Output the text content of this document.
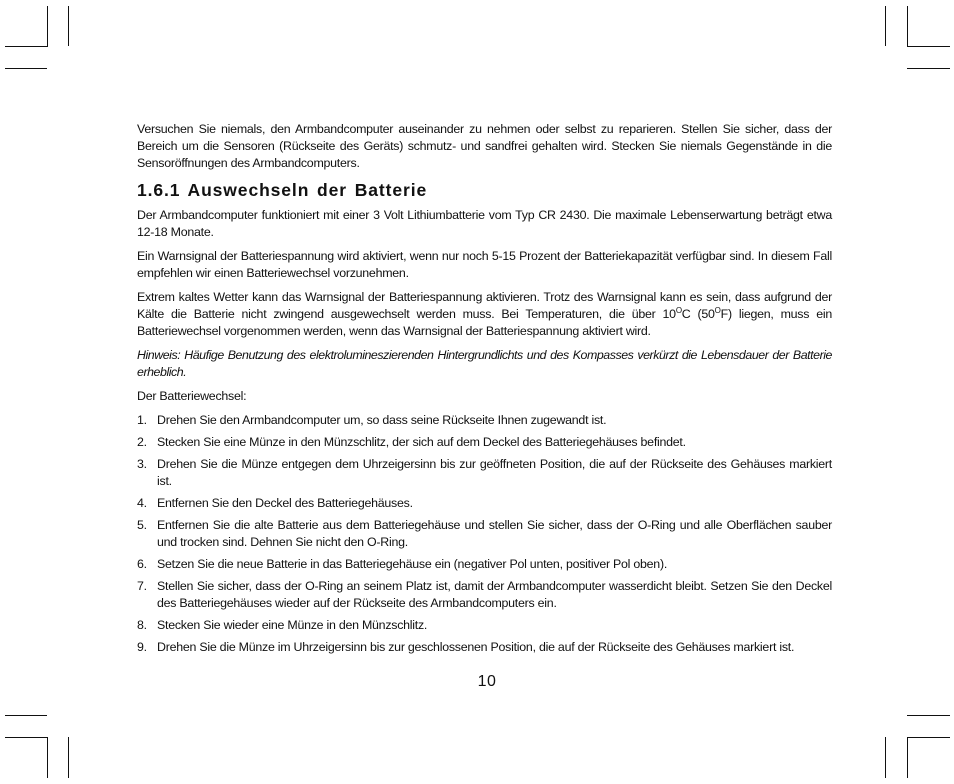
Versuchen Sie niemals, den Armbandcomputer auseinander zu nehmen oder selbst zu reparieren. Stellen Sie sicher, dass der Bereich um die Sensoren (Rückseite des Geräts) schmutz- und sandfrei gehalten wird. Stecken Sie niemals Gegenstände in die Sensoröffnungen des Armbandcomputers.

1.6.1 Auswechseln der Batterie

Der Armbandcomputer funktioniert mit einer 3 Volt Lithiumbatterie vom Typ CR 2430. Die maximale Lebenserwartung beträgt etwa 12-18 Monate.

Ein Warnsignal der Batteriespannung wird aktiviert, wenn nur noch 5-15 Prozent der Batteriekapazität verfügbar sind. In diesem Fall empfehlen wir einen Batteriewechsel vorzunehmen.

Extrem kaltes Wetter kann das Warnsignal der Batteriespannung aktivieren. Trotz des Warnsignal kann es sein, dass aufgrund der Kälte die Batterie nicht zwingend ausgewechselt werden muss. Bei Temperaturen, die über $10^OC$ $(50^OF)$ liegen, muss ein Batteriewechsel vorgenommen werden, wenn das Warnsignal der Batteriespannung aktiviert wird.

Hinweis: Häufige Benutzung des elektrolumineszierenden Hintergrundlichts und des Kompasses verkürzt die Lebensdauer der Batterie erheblich.

Der Batteriewechsel:

1. Drehen Sie den Armbandcomputer um, so dass seine Rückseite Ihnen zugewandt ist.
2. Stecken Sie eine Münze in den Münzschlitz, der sich auf dem Deckel des Batteriegehäuses befindet.
3. Drehen Sie die Münze entgegen dem Uhrzeigersinn bis zur geöffneten Position, die auf der Rückseite des Gehäuses markiert ist.
4. Entfernen Sie den Deckel des Batteriegehäuses.
5. Entfernen Sie die alte Batterie aus dem Batteriegehäuse und stellen Sie sicher, dass der O-Ring und alle Oberflächen sauber und trocken sind. Dehnen Sie nicht den O-Ring.
6. Setzen Sie die neue Batterie in das Batteriegehäuse ein (negativer Pol unten, positiver Pol oben).
7. Stellen Sie sicher, dass der O-Ring an seinem Platz ist, damit der Armbandcomputer wasserdicht bleibt. Setzen Sie den Deckel des Batteriegehäuses wieder auf der Rückseite des Armbandcomputers ein.
8. Stecken Sie wieder eine Münze in den Münzschlitz.
9. Drehen Sie die Münze im Uhrzeigersinn bis zur geschlossenen Position, die auf der Rückseite des Gehäuses markiert ist.
10
